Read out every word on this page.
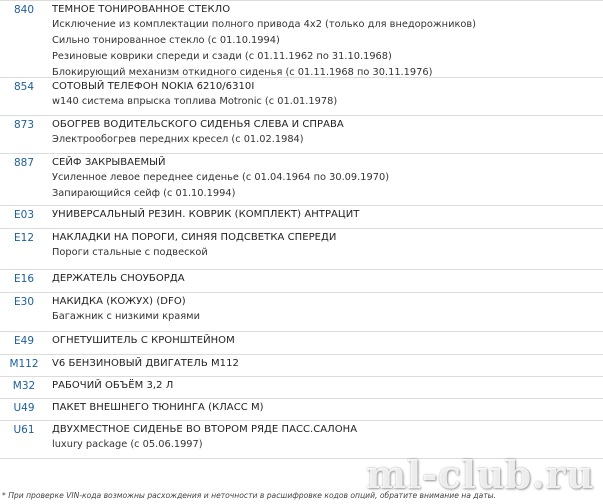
840	ТЕМНОЕ ТОНИРОВАННОЕ СТЕКЛО
Исключение из комплектации полного привода 4х2 (только для внедорожников)
Сильно тонированное стекло (с 01.10.1994)
Резиновые коврики спереди и сзади (с 01.11.1962 по 31.10.1968)
Блокирующий механизм откидного сиденья (с 01.11.1968 по 30.11.1976)
854	СОТОВЫЙ ТЕЛЕФОН NOKIA 6210/6310I
w140 система впрыска топлива Motronic (с 01.01.1978)
873	ОБОГРЕВ ВОДИТЕЛЬСКОГО СИДЕНЬЯ СЛЕВА И СПРАВА
Электрообогрев передних кресел (с 01.02.1984)
887	СЕЙФ ЗАКРЫВАЕМЫЙ
Усиленное левое переднее сиденье (с 01.04.1964 по 30.09.1970)
Запирающийся сейф (с 01.10.1994)
E03	УНИВЕРСАЛЬНЫЙ РЕЗИН. КОВРИК (КОМПЛЕКТ) АНТРАЦИТ
E12	НАКЛАДКИ НА ПОРОГИ, СИНЯЯ ПОДСВЕТКА СПЕРЕДИ
Пороги стальные с подвеской
E16	ДЕРЖАТЕЛЬ СНОУБОРДА
E30	НАКИДКА (КОЖУХ) (DFO)
Багажник с низкими краями
E49	ОГНЕТУШИТЕЛЬ С КРОНШТЕЙНОМ
M112	V6 БЕНЗИНОВЫЙ ДВИГАТЕЛЬ М112
M32	РАБОЧИЙ ОБЪЁМ 3,2 Л
U49	ПАКЕТ ВНЕШНЕГО ТЮНИНГА (КЛАСС М)
U61	ДВУХМЕСТНОЕ СИДЕНЬЕ ВО ВТОРОМ РЯДЕ ПАСС.САЛОНА
luxury package (с 05.06.1997)
* При проверке VIN-кода возможны расхождения и неточности в расшифровке кодов опций, обратите внимание на даты.
ml-club.ru
